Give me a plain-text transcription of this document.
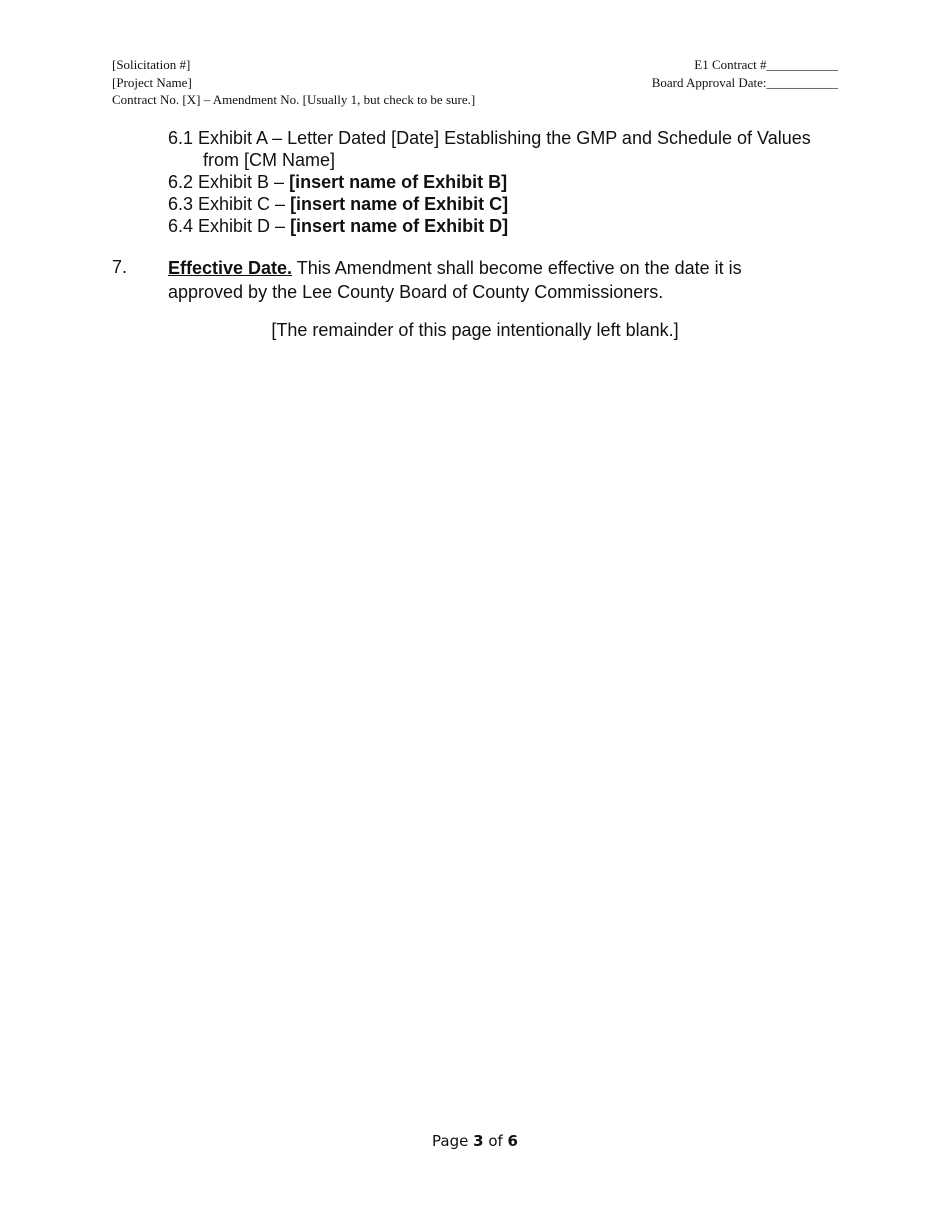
[Solicitation #]
[Project Name]
Contract No. [X] – Amendment No. [Usually 1, but check to be sure.]
E1 Contract #___________
Board Approval Date:___________
6.1 Exhibit A – Letter Dated [Date] Establishing the GMP and Schedule of Values
from [CM Name]
6.2 Exhibit B – [insert name of Exhibit B]
6.3 Exhibit C – [insert name of Exhibit C]
6.4 Exhibit D – [insert name of Exhibit D]
7. Effective Date. This Amendment shall become effective on the date it is approved by the Lee County Board of County Commissioners.
[The remainder of this page intentionally left blank.]
Page 3 of 6
